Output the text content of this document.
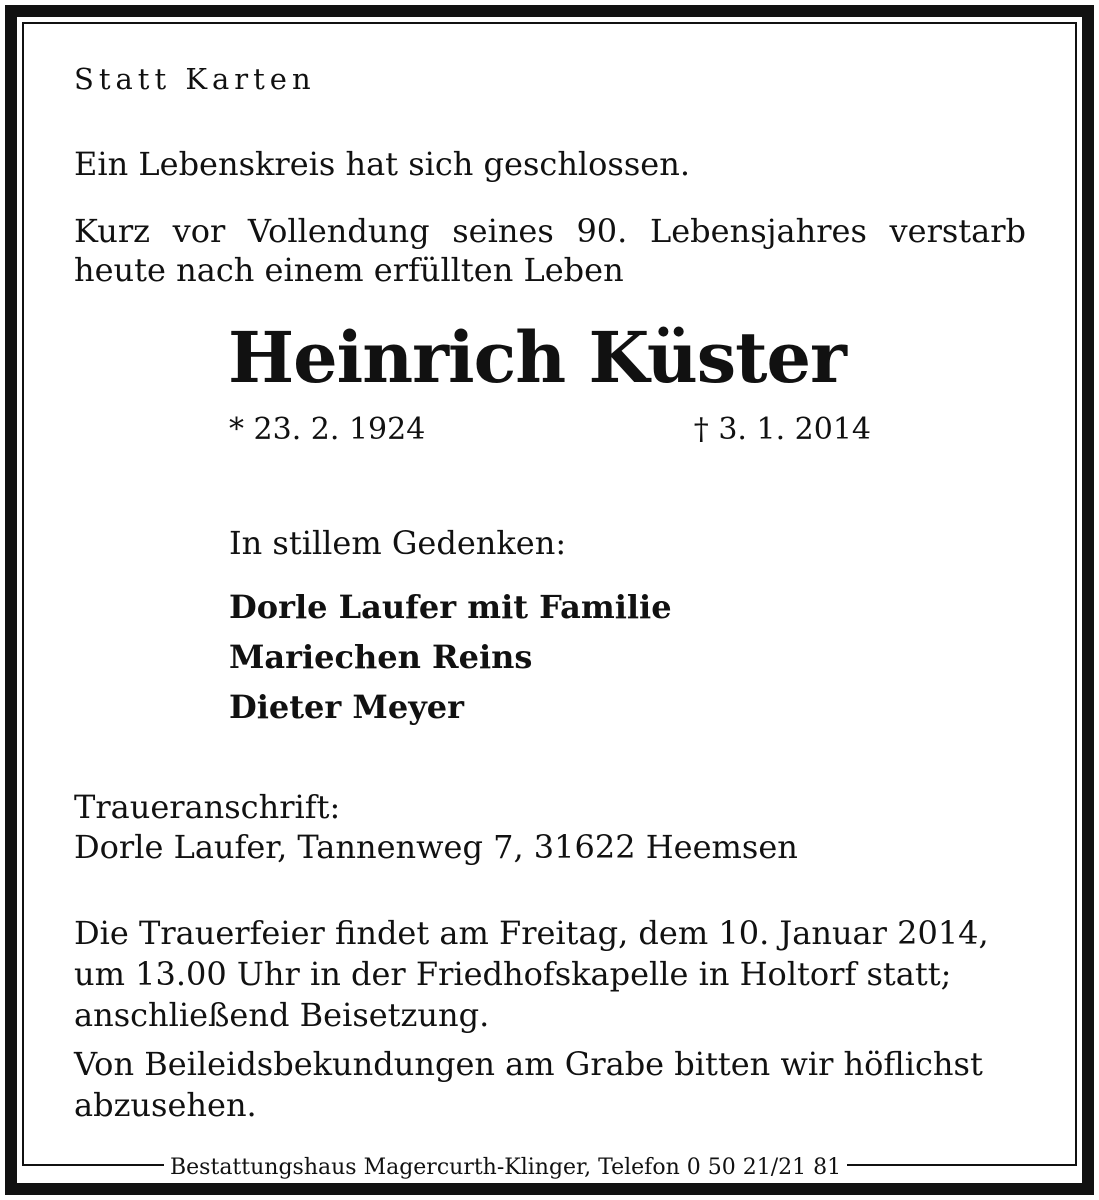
Statt Karten

Ein Lebenskreis hat sich geschlossen.

Kurz vor Vollendung seines 90. Lebensjahres verstarb

heute nach einem erfüllten Leben

Heinrich Küster
* 23. 2. 1924	† 3. 1. 2014

In stillem Gedenken:

Dorle Laufer mit Familie
Mariechen Reins
Dieter Meyer

Traueranschrift:

Dorle Laufer, Tannenweg 7, 31622 Heemsen

Die Trauerfeier findet am Freitag, dem 10. Januar 2014,

um 13.00 Uhr in der Friedhofskapelle in Holtorf statt;

anschließend Beisetzung.

Von Beileidsbekundungen am Grabe bitten wir höflichst

abzusehen.

Bestattungshaus Magercurth-Klinger, Telefon 0 50 21/21 81
